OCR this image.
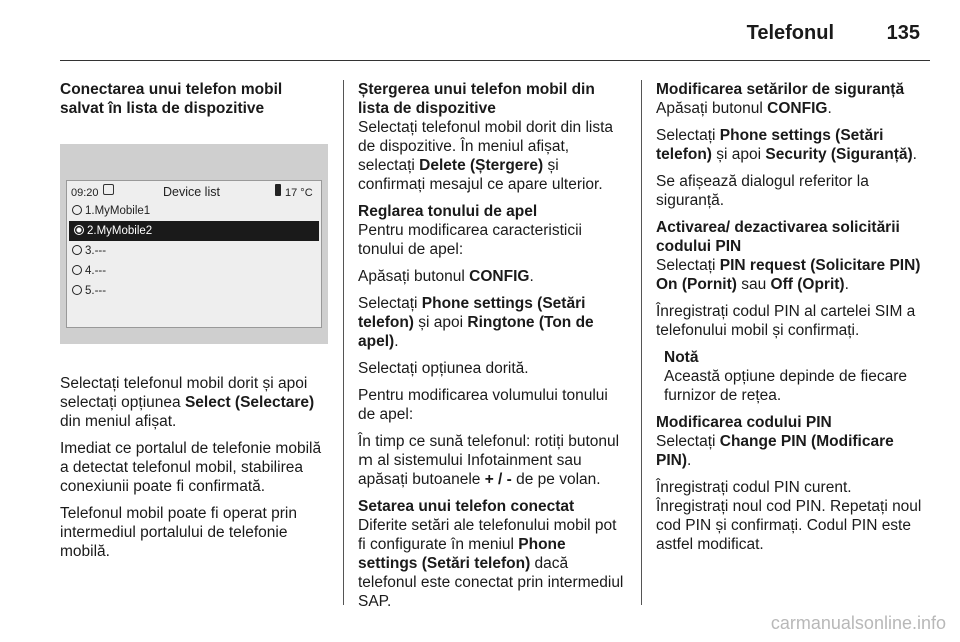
Telefonul	135
Conectarea unui telefon mobil salvat în lista de dispozitive
09:20	Device list	17 °C
1.MyMobile1
2.MyMobile2
3.---
4.---
5.---

Selectați telefonul mobil dorit și apoi selectați opțiunea Select (Selectare) din meniul afișat.

Imediat ce portalul de telefonie mobilă a detectat telefonul mobil, stabilirea conexiunii poate fi confirmată.

Telefonul mobil poate fi operat prin intermediul portalului de telefonie mobilă.

Ștergerea unui telefon mobil din lista de dispozitive

Selectați telefonul mobil dorit din lista de dispozitive. În meniul afișat, selectați Delete (Ștergere) și confirmați mesajul ce apare ulterior.

Reglarea tonului de apel

Pentru modificarea caracteristicii tonului de apel:

Apăsați butonul CONFIG.

Selectați Phone settings (Setări telefon) și apoi Ringtone (Ton de apel).

Selectați opțiunea dorită.

Pentru modificarea volumului tonului de apel:

În timp ce sună telefonul: rotiți butonul m al sistemului Infotainment sau apăsați butoanele + / - de pe volan.

Setarea unui telefon conectat

Diferite setări ale telefonului mobil pot fi configurate în meniul Phone settings (Setări telefon) dacă telefonul este conectat prin intermediul SAP.

Modificarea setărilor de siguranță

Apăsați butonul CONFIG.

Selectați Phone settings (Setări telefon) și apoi Security (Siguranță).

Se afișează dialogul referitor la siguranță.

Activarea/ dezactivarea solicitării codului PIN

Selectați PIN request (Solicitare PIN) On (Pornit) sau Off (Oprit).

Înregistrați codul PIN al cartelei SIM a telefonului mobil și confirmați.

Notă
Această opțiune depinde de fiecare furnizor de rețea.
Modificarea codului PIN

Selectați Change PIN (Modificare PIN).

Înregistrați codul PIN curent.

Înregistrați noul cod PIN. Repetați noul cod PIN și confirmați. Codul PIN este astfel modificat.

carmanualsonline.info
